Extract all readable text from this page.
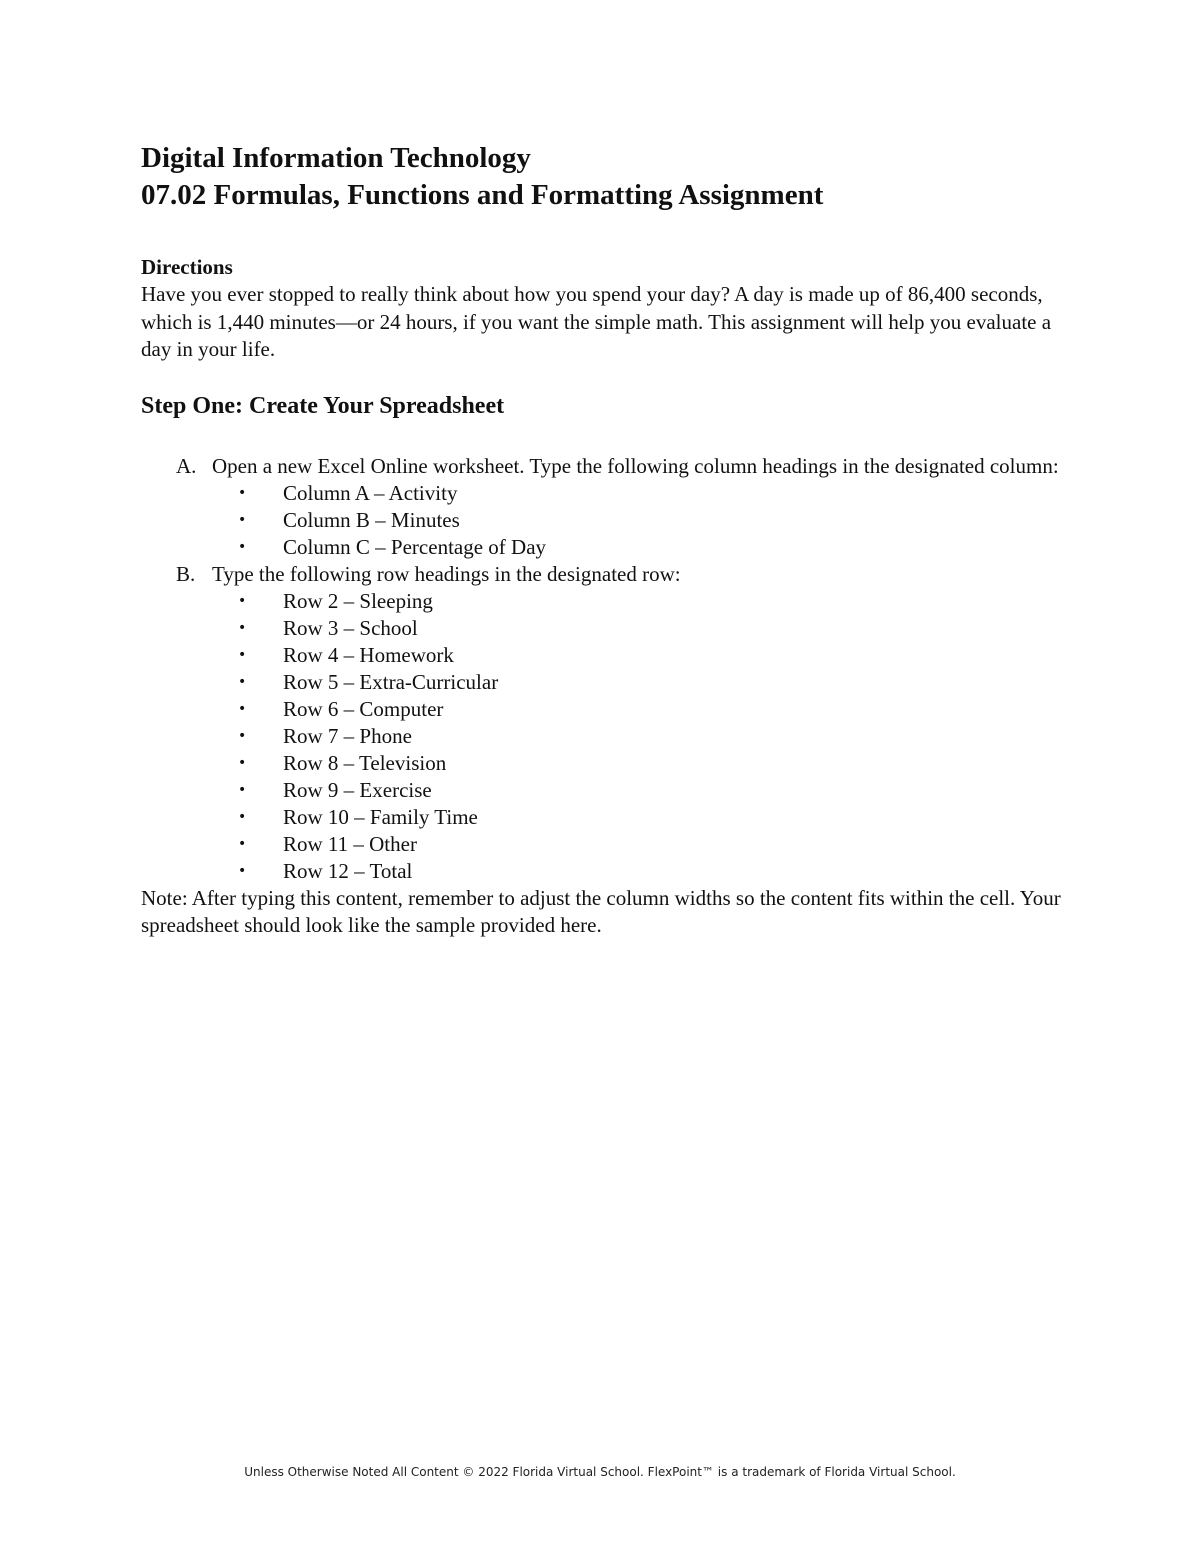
Digital Information Technology
07.02 Formulas, Functions and Formatting Assignment
Directions

Have you ever stopped to really think about how you spend your day? A day is made up of 86,400 seconds, which is 1,440 minutes—or 24 hours, if you want the simple math. This assignment will help you evaluate a day in your life.

Step One: Create Your Spreadsheet
A. Open a new Excel Online worksheet. Type the following column headings in the designated column:
• Column A – Activity
• Column B – Minutes
• Column C – Percentage of Day
B. Type the following row headings in the designated row:
• Row 2 – Sleeping
• Row 3 – School
• Row 4 – Homework
• Row 5 – Extra-Curricular
• Row 6 – Computer
• Row 7 – Phone
• Row 8 – Television
• Row 9 – Exercise
• Row 10 – Family Time
• Row 11 – Other
• Row 12 – Total

Note: After typing this content, remember to adjust the column widths so the content fits within the cell. Your spreadsheet should look like the sample provided here.

Unless Otherwise Noted All Content © 2022 Florida Virtual School. FlexPoint™ is a trademark of Florida Virtual School.
